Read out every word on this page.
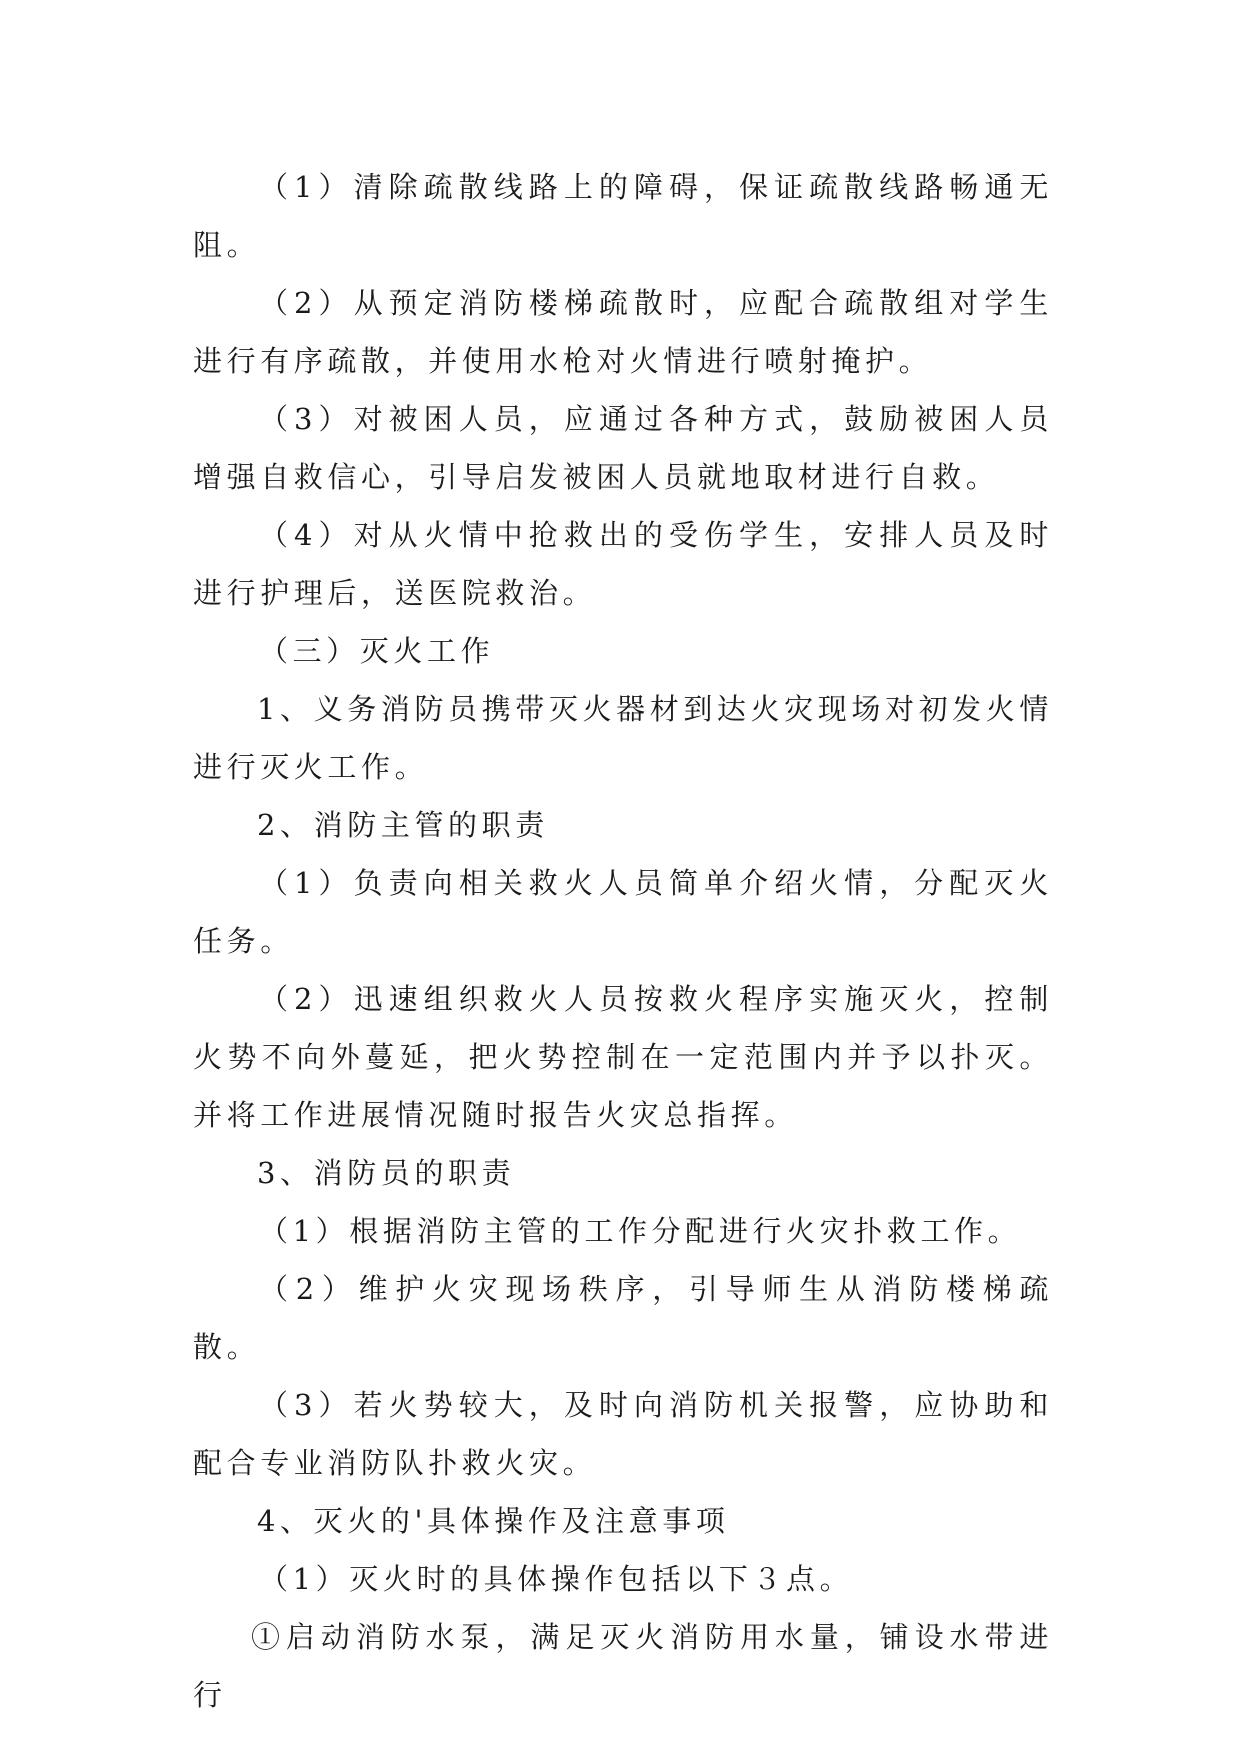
（1）清除疏散线路上的障碍，保证疏散线路畅通无阻。

（2）从预定消防楼梯疏散时，应配合疏散组对学生进行有序疏散，并使用水枪对火情进行喷射掩护。

（3）对被困人员，应通过各种方式，鼓励被困人员增强自救信心，引导启发被困人员就地取材进行自救。

（4）对从火情中抢救出的受伤学生，安排人员及时进行护理后，送医院救治。

（三）灭火工作

1、义务消防员携带灭火器材到达火灾现场对初发火情进行灭火工作。

2、消防主管的职责

（1）负责向相关救火人员简单介绍火情，分配灭火任务。

（2）迅速组织救火人员按救火程序实施灭火，控制火势不向外蔓延，把火势控制在一定范围内并予以扑灭。并将工作进展情况随时报告火灾总指挥。

3、消防员的职责

（1）根据消防主管的工作分配进行火灾扑救工作。

（2）维护火灾现场秩序，引导师生从消防楼梯疏散。

（3）若火势较大，及时向消防机关报警，应协助和配合专业消防队扑救火灾。

4、灭火的'具体操作及注意事项

（1）灭火时的具体操作包括以下３点。

①启动消防水泵，满足灭火消防用水量，铺设水带进行
